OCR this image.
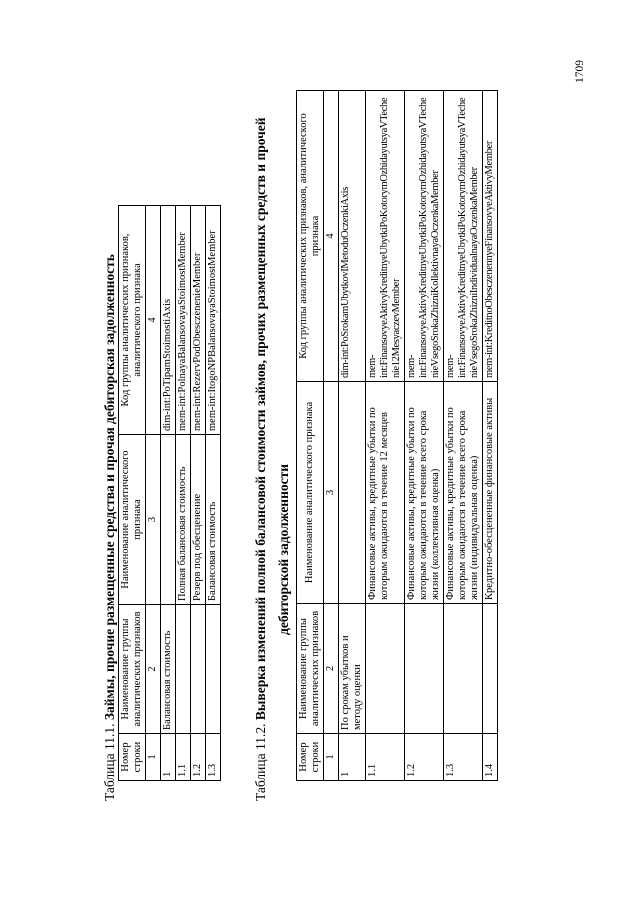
Таблица 11.1. Займы, прочие размещенные средства и прочая дебиторская задолженность
Номер строки	Наименование группы аналитических признаков	Наименование аналитического признака	Код группы аналитических признаков, аналитического признака
1	2	3	4
1	Балансовая стоимость		dim-int:PoTipamStoimostiAxis
1.1		Полная балансовая стоимость	mem-int:PolnayaBalansovayaStoimostMember
1.2		Резерв под обесценение	mem-int:RezervPodObesczenenieMember
1.3		Балансовая стоимость	mem-int:ItogoNPBalansovayaStoimostMember
Таблица 11.2. Выверка изменений полной балансовой стоимости займов, прочих размещенных средств и прочей дебиторской задолженности
Номер строки	Наименование группы аналитических признаков	Наименование аналитического признака	Код группы аналитических признаков, аналитического признака
1	2	3	4
1	По срокам убытков и методу оценки		dim-int:PoSrokamUbytkovIMetoduOczenkiAxis
1.1		Финансовые активы, кредитные убытки по которым ожидаются в течение 12 месяцев	mem-int:FinansovyeAktivyKreditnyeUbytkiPoKotorymOzhidayutsyaVTechenie12MesyaczevMember
1.2		Финансовые активы, кредитные убытки по которым ожидаются в течение всего срока жизни (коллективная оценка)	mem-int:FinansovyeAktivyKreditnyeUbytkiPoKotorymOzhidayutsyaVTechenieVsegoSrokaZhizniKollektivnayaOczenkaMember
1.3		Финансовые активы, кредитные убытки по которым ожидаются в течение всего срока жизни (индивидуальная оценка)	mem-int:FinansovyeAktivyKreditnyeUbytkiPoKotorymOzhidayutsyaVTechenieVsegoSrokaZhizniIndividualnayaOczenkaMember
1.4		Кредитно-обесцененные финансовые активы	mem-int:KreditnoObesczenennyeFinansovyeAktivyMember
1709
